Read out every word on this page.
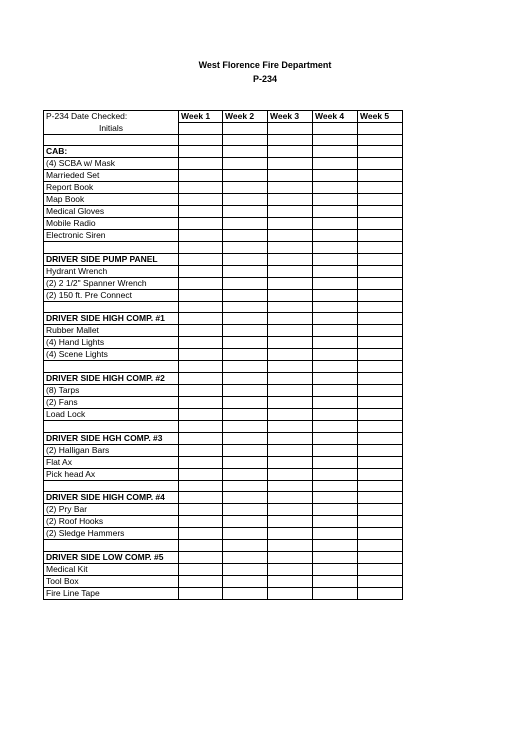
West Florence Fire Department
P-234
P-234 Date Checked:	Week 1	Week 2	Week 3	Week 4	Week 5
Initials					

CAB:					
(4) SCBA w/ Mask					
Marrieded Set					
Report Book					
Map Book					
Medical Gloves					
Mobile Radio					
Electronic Siren					

DRIVER SIDE PUMP PANEL					
Hydrant Wrench					
(2) 2 1/2" Spanner Wrench					
(2) 150 ft. Pre Connect					

DRIVER SIDE HIGH COMP. #1					
Rubber Mallet					
(4) Hand Lights					
(4) Scene Lights					

DRIVER SIDE HIGH COMP. #2					
(8) Tarps					
(2) Fans					
Load Lock					

DRIVER SIDE HGH COMP. #3					
(2) Halligan Bars					
Flat Ax					
Pick head Ax					

DRIVER SIDE HIGH COMP. #4					
(2) Pry Bar					
(2) Roof Hooks					
(2) Sledge Hammers					

DRIVER SIDE LOW COMP. #5					
Medical Kit					
Tool Box					
Fire Line Tape					
